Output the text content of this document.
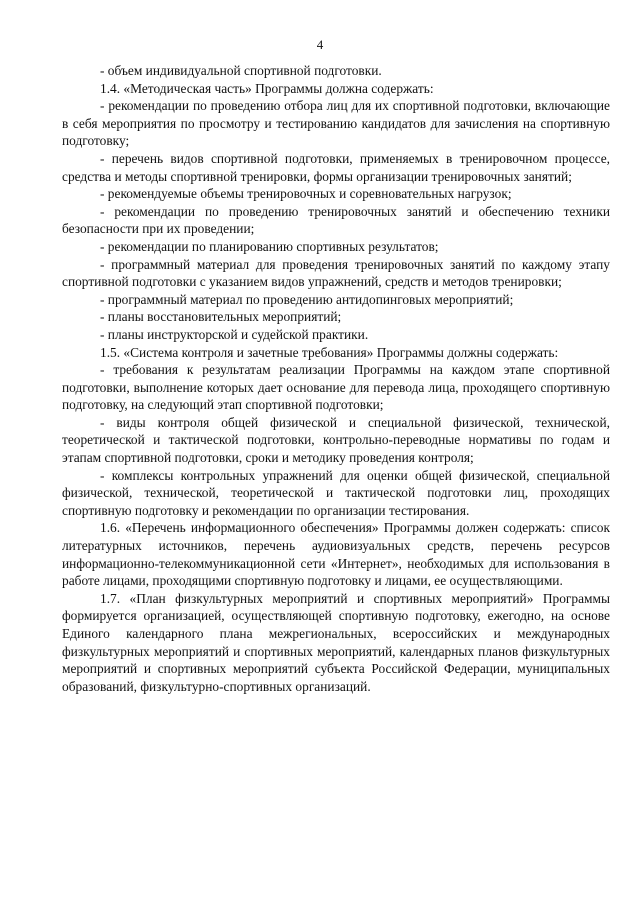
4

- объем индивидуальной спортивной подготовки.

1.4. «Методическая часть» Программы должна содержать:

- рекомендации по проведению отбора лиц для их спортивной подготовки, включающие в себя мероприятия по просмотру и тестированию кандидатов для зачисления на спортивную подготовку;

- перечень видов спортивной подготовки, применяемых в тренировочном процессе, средства и методы спортивной тренировки, формы организации тренировочных занятий;

- рекомендуемые объемы тренировочных и соревновательных нагрузок;

- рекомендации по проведению тренировочных занятий и обеспечению техники безопасности при их проведении;

- рекомендации по планированию спортивных результатов;

- программный материал для проведения тренировочных занятий по каждому этапу спортивной подготовки с указанием видов упражнений, средств и методов тренировки;

- программный материал по проведению антидопинговых мероприятий;

- планы восстановительных мероприятий;

- планы инструкторской и судейской практики.

1.5. «Система контроля и зачетные требования» Программы должны содержать:

- требования к результатам реализации Программы на каждом этапе спортивной подготовки, выполнение которых дает основание для перевода лица, проходящего спортивную подготовку, на следующий этап спортивной подготовки;

- виды контроля общей физической и специальной физической, технической, теоретической и тактической подготовки, контрольно-переводные нормативы по годам и этапам спортивной подготовки, сроки и методику проведения контроля;

- комплексы контрольных упражнений для оценки общей физической, специальной физической, технической, теоретической и тактической подготовки лиц, проходящих спортивную подготовку и рекомендации по организации тестирования.

1.6. «Перечень информационного обеспечения» Программы должен содержать: список литературных источников, перечень аудиовизуальных средств, перечень ресурсов информационно-телекоммуникационной сети «Интернет», необходимых для использования в работе лицами, проходящими спортивную подготовку и лицами, ее осуществляющими.

1.7. «План физкультурных мероприятий и спортивных мероприятий» Программы формируется организацией, осуществляющей спортивную подготовку, ежегодно, на основе Единого календарного плана межрегиональных, всероссийских и международных физкультурных мероприятий и спортивных мероприятий, календарных планов физкультурных мероприятий и спортивных мероприятий субъекта Российской Федерации, муниципальных образований, физкультурно-спортивных организаций.
